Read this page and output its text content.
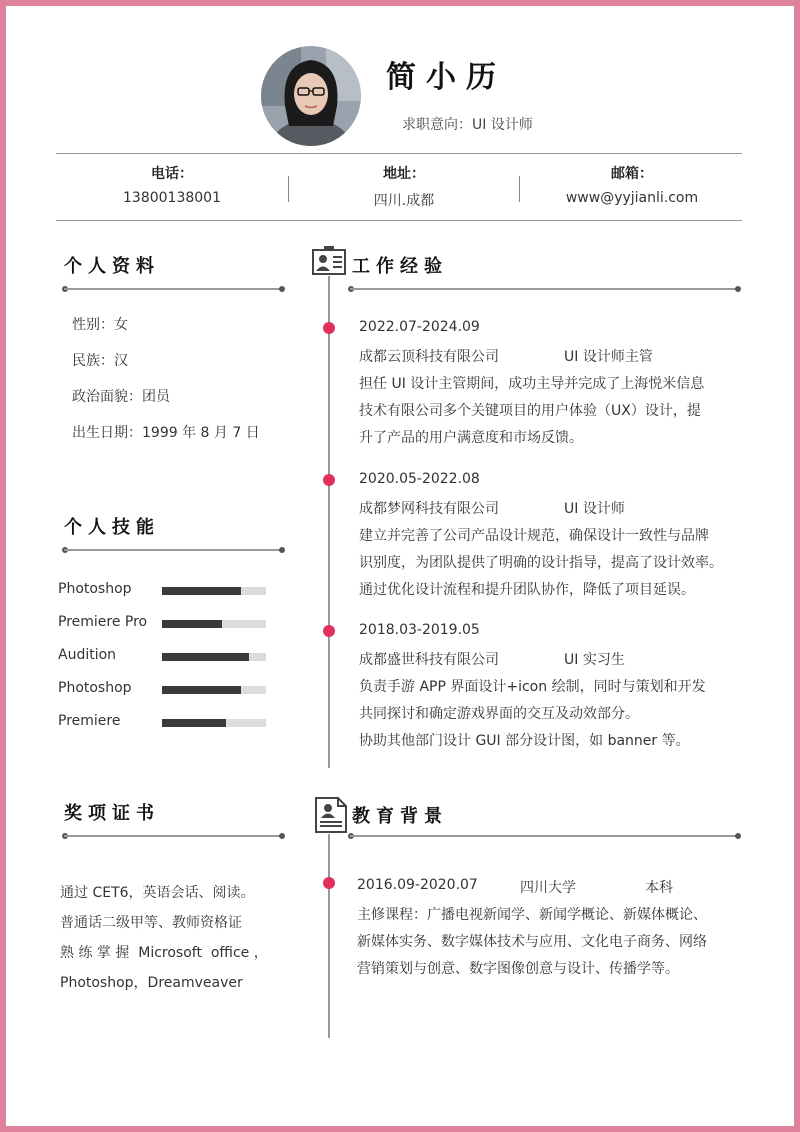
简小历
求职意向：UI 设计师
电话：
13800138001
地址：
四川.成都
邮箱：
www@yyjianli.com
个人资料
性别：女
民族：汉
政治面貌：团员
出生日期：1999 年 8 月 7 日
个人技能
Photoshop
Premiere Pro
Audition
Photoshop
Premiere
奖项证书
通过 CET6，英语会话、阅读。
普通话二级甲等、教师资格证
熟 练 掌 握  Microsoft  office ，
Photoshop，Dreamveaver
工作经验
2022.07-2024.09
成都云顶科技有限公司	UI 设计师主管
担任 UI 设计主管期间，成功主导并完成了上海悦米信息
技术有限公司多个关键项目的用户体验（UX）设计，提
升了产品的用户满意度和市场反馈。
2020.05-2022.08
成都梦网科技有限公司	UI 设计师
建立并完善了公司产品设计规范，确保设计一致性与品牌
识别度，为团队提供了明确的设计指导，提高了设计效率。
通过优化设计流程和提升团队协作，降低了项目延误。
2018.03-2019.05
成都盛世科技有限公司	UI 实习生
负责手游 APP 界面设计+icon 绘制，同时与策划和开发
共同探讨和确定游戏界面的交互及动效部分。
协助其他部门设计 GUI 部分设计图，如 banner 等。
教育背景
2016.09-2020.07	四川大学	本科
主修课程：广播电视新闻学、新闻学概论、新媒体概论、
新媒体实务、数字媒体技术与应用、文化电子商务、网络
营销策划与创意、数字图像创意与设计、传播学等。
